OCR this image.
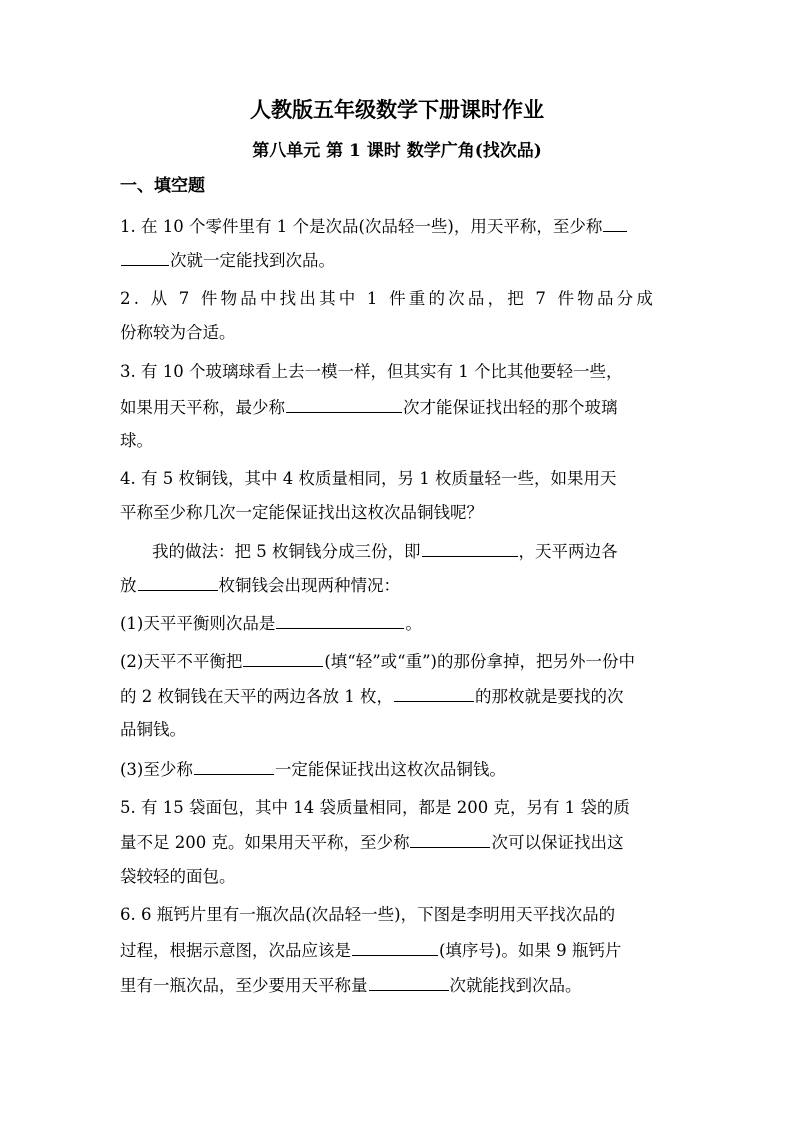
人教版五年级数学下册课时作业
第八单元 第 1 课时 数学广角(找次品)
一、填空题
1. 在 10 个零件里有 1 个是次品(次品轻一些)，用天平称，至少称
次就一定能找到次品。
2. 从 7 件物品中找出其中 1 件重的次品，把 7 件物品分成
份称较为合适。
3. 有 10 个玻璃球看上去一模一样，但其实有 1 个比其他要轻一些，
如果用天平称，最少称	次才能保证找出轻的那个玻璃
球。
4. 有 5 枚铜钱，其中 4 枚质量相同，另 1 枚质量轻一些，如果用天
平称至少称几次一定能保证找出这枚次品铜钱呢？
我的做法：把 5 枚铜钱分成三份，即	，天平两边各
放	枚铜钱会出现两种情况：
(1)天平平衡则次品是	。
(2)天平不平衡把	(填“轻”或“重”)的那份拿掉，把另外一份中
的 2 枚铜钱在天平的两边各放 1 枚，	的那枚就是要找的次
品铜钱。
(3)至少称	一定能保证找出这枚次品铜钱。
5. 有 15 袋面包，其中 14 袋质量相同，都是 200 克，另有 1 袋的质
量不足 200 克。如果用天平称，至少称	次可以保证找出这
袋较轻的面包。
6. 6 瓶钙片里有一瓶次品(次品轻一些)，下图是李明用天平找次品的
过程，根据示意图，次品应该是	(填序号)。如果 9 瓶钙片
里有一瓶次品，至少要用天平称量	次就能找到次品。
